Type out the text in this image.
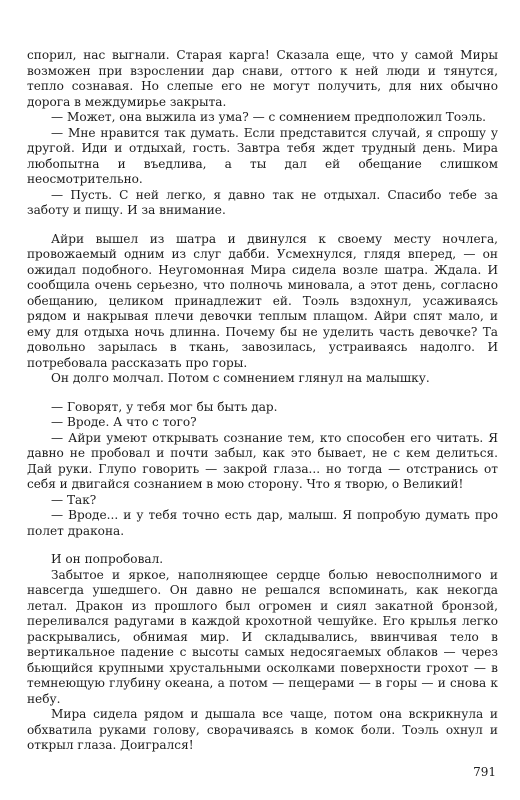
спорил, нас выгнали. Старая карга! Сказала еще, что у самой Миры возможен при взрослении дар снави, оттого к ней люди и тянутся, тепло сознавая. Но слепые его не могут получить, для них обычно дорога в междумирье закрыта.

— Может, она выжила из ума? — с сомнением предположил Тоэль.

— Мне нравится так думать. Если представится случай, я спрошу у другой. Иди и отдыхай, гость. Завтра тебя ждет трудный день. Мира любопытна и въедлива, а ты дал ей обещание слишком неосмотрительно.

— Пусть. С ней легко, я давно так не отдыхал. Спасибо тебе за заботу и пищу. И за внимание.

Айри вышел из шатра и двинулся к своему месту ночлега, провожаемый одним из слуг дабби. Усмехнулся, глядя вперед, — он ожидал подобного. Неугомонная Мира сидела возле шатра. Ждала. И сообщила очень серьезно, что полночь миновала, а этот день, согласно обещанию, целиком принадлежит ей. Тоэль вздохнул, усаживаясь рядом и накрывая плечи девочки теплым плащом. Айри спят мало, и ему для отдыха ночь длинна. Почему бы не уделить часть девочке? Та довольно зарылась в ткань, завозилась, устраиваясь надолго. И потребовала рассказать про горы.

Он долго молчал. Потом с сомнением глянул на малышку.

— Говорят, у тебя мог бы быть дар.

— Вроде. А что с того?

— Айри умеют открывать сознание тем, кто способен его читать. Я давно не пробовал и почти забыл, как это бывает, не с кем делиться. Дай руки. Глупо говорить — закрой глаза... но тогда — отстранись от себя и двигайся сознанием в мою сторону. Что я творю, о Великий!

— Так?

— Вроде... и у тебя точно есть дар, малыш. Я попробую думать про полет дракона.

И он попробовал.

Забытое и яркое, наполняющее сердце болью невосполнимого и навсегда ушедшего. Он давно не решался вспоминать, как некогда летал. Дракон из прошлого был огромен и сиял закатной бронзой, переливался радугами в каждой крохотной чешуйке. Его крылья легко раскрывались, обнимая мир. И складывались, ввинчивая тело в вертикальное падение с высоты самых недосягаемых облаков — через бьющийся крупными хрустальными осколками поверхности грохот — в темнеющую глубину океана, а потом — пещерами — в горы — и снова к небу.

Мира сидела рядом и дышала все чаще, потом она вскрикнула и обхватила руками голову, сворачиваясь в комок боли. Тоэль охнул и открыл глаза. Доигрался!

791
